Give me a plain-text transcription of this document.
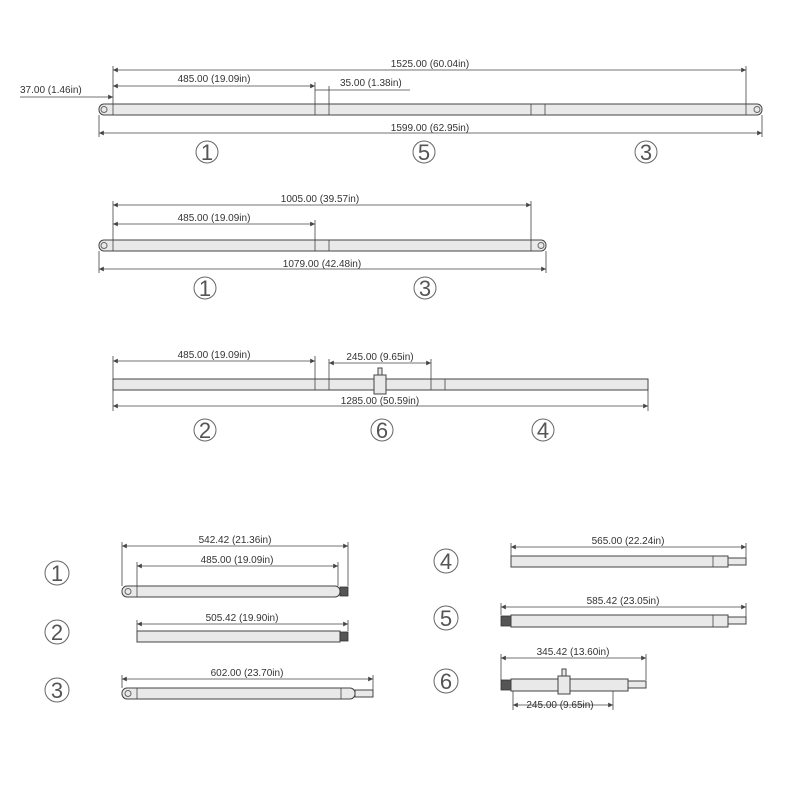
1525.00 (60.04in)
485.00 (19.09in)	35.00 (1.38in)
37.00 (1.46in)
1599.00 (62.95in)
1	5	3
1005.00 (39.57in)
485.00 (19.09in)
1079.00 (42.48in)
1	3
485.00 (19.09in)	245.00 (9.65in)
1285.00 (50.59in)
2	6	4
1
542.42 (21.36in)
485.00 (19.09in)
2
505.42 (19.90in)
3
602.00 (23.70in)
4
565.00 (22.24in)
5
585.42 (23.05in)
6
345.42 (13.60in)
245.00 (9.65in)
